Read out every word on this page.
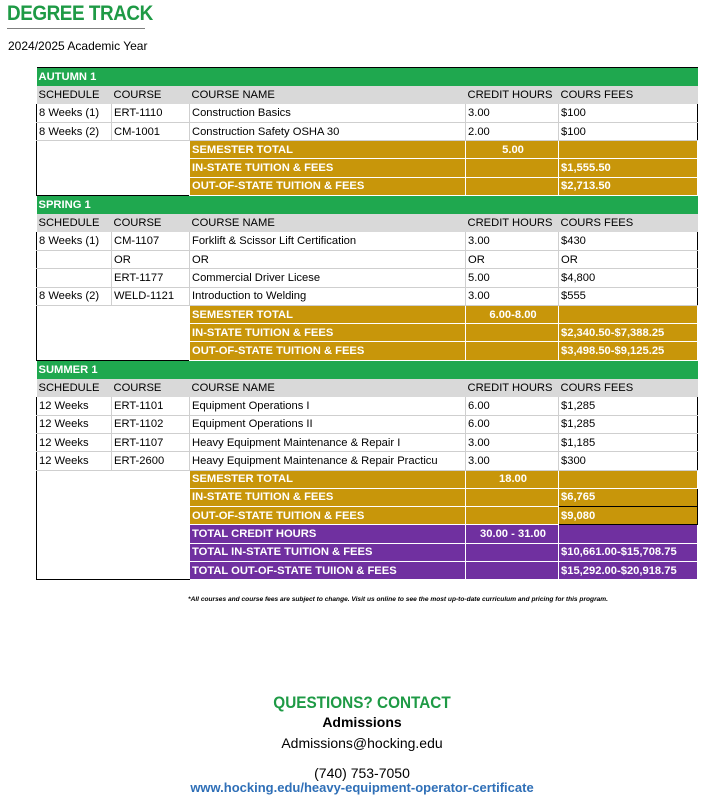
DEGREE TRACK
2024/2025 Academic Year
AUTUMN 1				
SCHEDULE	COURSE	COURSE NAME	CREDIT HOURS	COURS FEES
8 Weeks (1)	ERT-1110	Construction Basics	3.00	$100
8 Weeks (2)	CM-1001	Construction Safety OSHA 30	2.00	$100
		SEMESTER TOTAL	5.00	
		IN-STATE TUITION & FEES		$1,555.50
		OUT-OF-STATE TUITION & FEES		$2,713.50
SPRING 1				
SCHEDULE	COURSE	COURSE NAME	CREDIT HOURS	COURS FEES
8 Weeks (1)	CM-1107	Forklift & Scissor Lift Certification	3.00	$430
	OR	OR	OR	OR
	ERT-1177	Commercial Driver Licese	5.00	$4,800
8 Weeks (2)	WELD-1121	Introduction to Welding	3.00	$555
		SEMESTER TOTAL	6.00-8.00	
		IN-STATE TUITION & FEES		$2,340.50-$7,388.25
		OUT-OF-STATE TUITION & FEES		$3,498.50-$9,125.25
SUMMER 1				
SCHEDULE	COURSE	COURSE NAME	CREDIT HOURS	COURS FEES
12 Weeks	ERT-1101	Equipment Operations I	6.00	$1,285
12 Weeks	ERT-1102	Equipment Operations II	6.00	$1,285
12 Weeks	ERT-1107	Heavy Equipment Maintenance & Repair I	3.00	$1,185
12 Weeks	ERT-2600	Heavy Equipment Maintenance & Repair Practicu	3.00	$300
		SEMESTER TOTAL	18.00	
		IN-STATE TUITION & FEES		$6,765
		OUT-OF-STATE TUITION & FEES		$9,080
		TOTAL CREDIT HOURS	30.00 - 31.00	
		TOTAL IN-STATE TUITION & FEES		$10,661.00-$15,708.75
		TOTAL OUT-OF-STATE TUIION & FEES		$15,292.00-$20,918.75
*All courses and course fees are subject to change. Visit us online to see the most up-to-date curriculum and pricing for this program.
QUESTIONS? CONTACT
Admissions
Admissions@hocking.edu
(740) 753-7050
www.hocking.edu/heavy-equipment-operator-certificate
